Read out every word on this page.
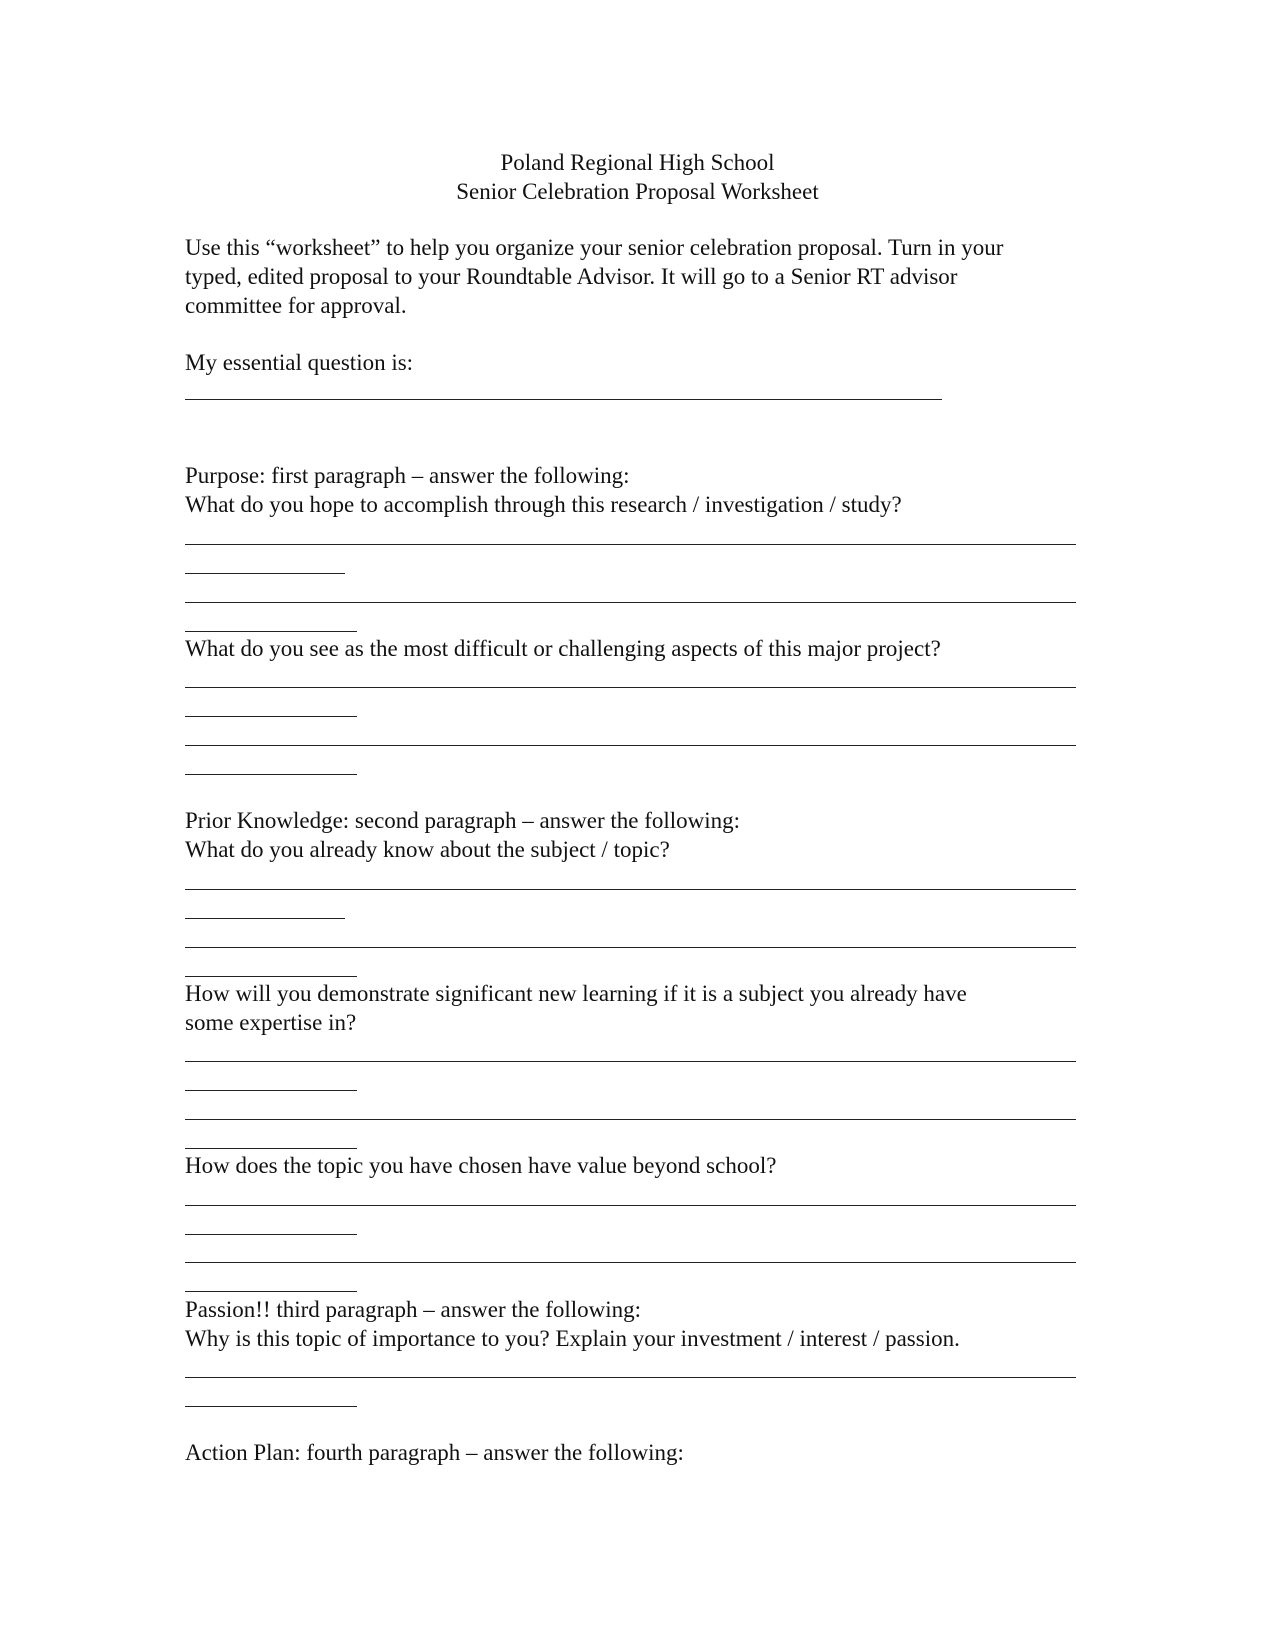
Poland Regional High School
Senior Celebration Proposal Worksheet
Use this “worksheet” to help you organize your senior celebration proposal. Turn in your
typed, edited proposal to your Roundtable Advisor. It will go to a Senior RT advisor
committee for approval.
My essential question is:
Purpose: first paragraph – answer the following:
What do you hope to accomplish through this research / investigation / study?
What do you see as the most difficult or challenging aspects of this major project?
Prior Knowledge: second paragraph – answer the following:
What do you already know about the subject / topic?
How will you demonstrate significant new learning if it is a subject you already have
some expertise in?
How does the topic you have chosen have value beyond school?
Passion!! third paragraph – answer the following:
Why is this topic of importance to you? Explain your investment / interest / passion.
Action Plan: fourth paragraph – answer the following:
